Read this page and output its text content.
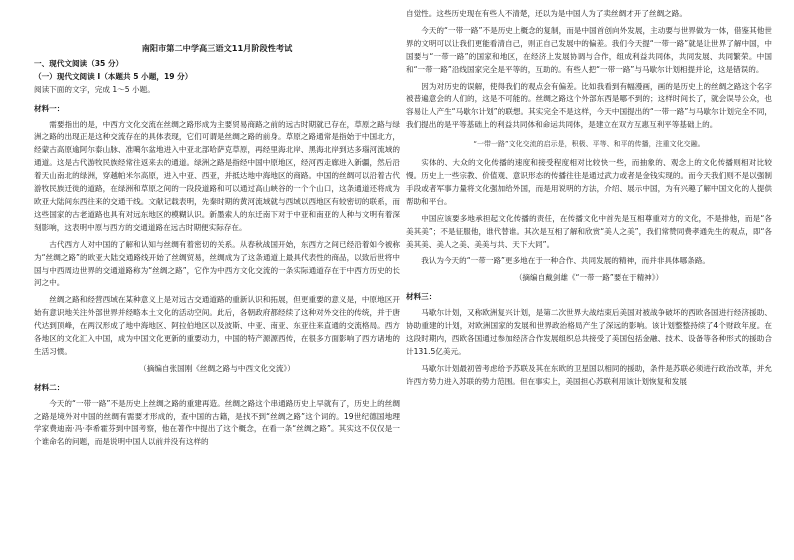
南阳市第二中学高三语文11月阶段性考试
一、现代文阅读（35 分）
（一）现代文阅读 I（本题共 5 小题，19 分）
阅读下面的文字，完成 1～5 小题。
材料一：

需要指出的是，中西方文化交流在丝绸之路形成为主要贸易商路之前的远古时期就已存在，草原之路与绿洲之路的出现正是这种交流存在的具体表现，它们可谓是丝绸之路的前身。草原之路通常是指始于中国北方，经蒙古高原逾阿尔泰山脉、准噶尔盆地进入中亚北部哈萨克草原，再经里海北岸、黑海北岸到达多瑙河流域的通道。这是古代游牧民族经常往返来去的通道。绿洲之路是指经中国中原地区，经河西走廊进入新疆，然后沿着天山南北的绿洲，穿越帕米尔高原，进入中亚、西亚，并抵达地中海地区的商路。中国的丝绸可以沿着古代游牧民族迁徙的道路，在绿洲和草原之间的一段段道路和可以通过高山峡谷的一个个山口，这条通道还将成为欧亚大陆间东西往来的交通干线。文献记载表明，先秦时期的黄河流域就与西域以西地区有较密切的联系，而这些国家的古老道路也具有对远东地区的模糊认识。新墨索人的东迁南下对于中亚和南亚的人种与文明有着深刻影响，这表明中原与西方的交通道路在远古时期便实际存在。

古代西方人对中国的了解和认知与丝绸有着密切的关系。从春秋战国开始，东西方之间已经沿着如今被称为“丝绸之路”的欧亚大陆交通路线开始了丝绸贸易，丝绸成为了这条通道上最具代表性的商品，以致后世将中国与中西周边世界的交通道路称为“丝绸之路”，它作为中西方文化交流的一条实际通道存在于中西方历史的长河之中。

丝绸之路和经营西域在某种意义上是对远古交通道路的重新认识和拓展，但更重要的意义是，中原地区开始有意识地关注外部世界并经略本土文化的活动空间。此后，各朝政府都经续了这种对外交往的传统，并于唐代达到顶峰，在两汉形成了地中海地区、阿拉伯地区以及波斯、中亚、南亚、东亚往来直通的交流格局。西方各地区的文化汇入中国，成为中国文化更新的重要动力，中国的特产源源西传，在很多方面影响了西方诸地的生活习惯。

（摘编自张国刚《丝绸之路与中西文化交流》）
材料二：

今天的“一带一路”不是历史上丝绸之路的重建再造。丝绸之路这个串通路历史上早就有了，历史上的丝绸之路是境外对中国的丝绸有需要才形成的，查中国的古籍，是找不到“丝绸之路”这个词的。19世纪德国地理学家费迪南·冯·李希霍芬到中国考察，他在著作中提出了这个概念，在看一条“丝绸之路”。其实这不仅仅是一个谁命名的问题，而是说明中国人以前并没有这样的

自觉性。这些历史现在有些人不清楚，还以为是中国人为了卖丝绸才开了丝绸之路。

今天的“一带一路”不是历史上概念的复制，而是中国首创向外发展，主动要与世界做为一体，借鉴其他世界的文明可以让我们更能看清自己，则正自己发展中的偏差。我们今天提“一带一路”就是让世界了解中国，中国要与“一带一路”的国家和地区，在经济上发展协调与合作，组成利益共同体，共同发展、共同繁荣。中国和“一带一路”沿线国家完全是平等的，互助的。有些人把“一带一路”与马歇尔计划相提并论，这是错误的。

因为对历史的误解，使得我们的观点会有偏差。比如我看到有幅漫画，画的是历史上的丝绸之路这个名字被普遍意会的人们的，这是不可能的。丝绸之路这个外部东西是哪不到的；这样时间长了，就会误导公众，也容易让人产生“马歇尔计划”的联想。其实完全不是这样，今天中国提出的“一带一路”与马歇尔计划完全不同，我们提出的是平等基础上的利益共同体和命运共同体，是建立在双方互惠互利平等基础上的。

“一带一路”文化交流的启示是，积极、平等、和平的传播，注重文化交融。

实体的、大众的文化传播的速度和接受程度相对比较快一些，而抽象的、观念上的文化传播则相对比较慢。历史上一些宗教、价值观、意识形态的传播往往是通过武力或者是金钱实现的。而今天我们则不是以强制手段或者军事力量将文化强加给外国，而是用说明的方法，介绍、展示中国，为有兴趣了解中国文化的人提供帮助和平台。

中国应该要多地承担起文化传播的责任，在传播文化中首先是互相尊重对方的文化，不是排他，而是“各美其美”；不是征服他，谁代替谁。其次是互相了解和欣赏“美人之美”，我们常赞同费孝通先生的观点，即“各美其美、美人之美、美美与共、天下大同”。

我认为今天的“一带一路”更多地在于一种合作、共同发展的精神，而并非具体哪条路。

（摘编自戴剑雄《“一带一路”要在于精神》）
材料三：

马歇尔计划，又称欧洲复兴计划，是第二次世界大战结束后美国对被战争破坏的西欧各国进行经济援助、协助重建的计划，对欧洲国家的发展和世界政治格局产生了深远的影响。该计划整整持续了4个财政年度。在这段时期内，西欧各国通过参加经济合作发展组织总共接受了美国包括金融、技术、设备等各种形式的援助合计131.5亿美元。

马歇尔计划最初曾考虑给予苏联及其在东欧的卫星国以相同的援助，条件是苏联必须进行政治改革，并允许西方势力进入苏联的势力范围。但在事实上，美国担心苏联利用该计划恢复和发展
